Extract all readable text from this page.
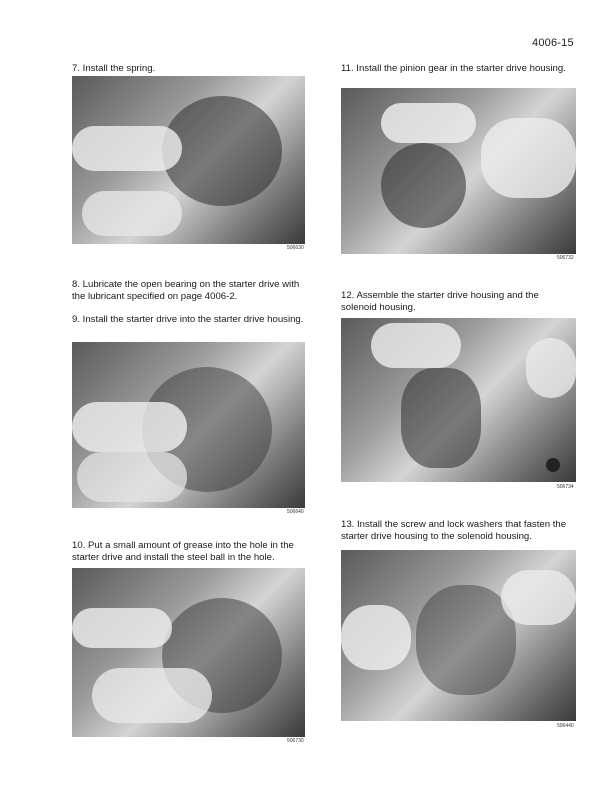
4006-15

7. Install the spring.

506630

8. Lubricate the open bearing on the starter drive with the lubricant specified on page 4006-2.

9. Install the starter drive into the starter drive housing.

506640

10. Put a small amount of grease into the hole in the starter drive and install the steel ball in the hole.

506730

11. Install the pinion gear in the starter drive housing.

506732

12. Assemble the starter drive housing and the solenoid housing.

506734

13. Install the screw and lock washers that fasten the starter drive housing to the solenoid housing.

506440
